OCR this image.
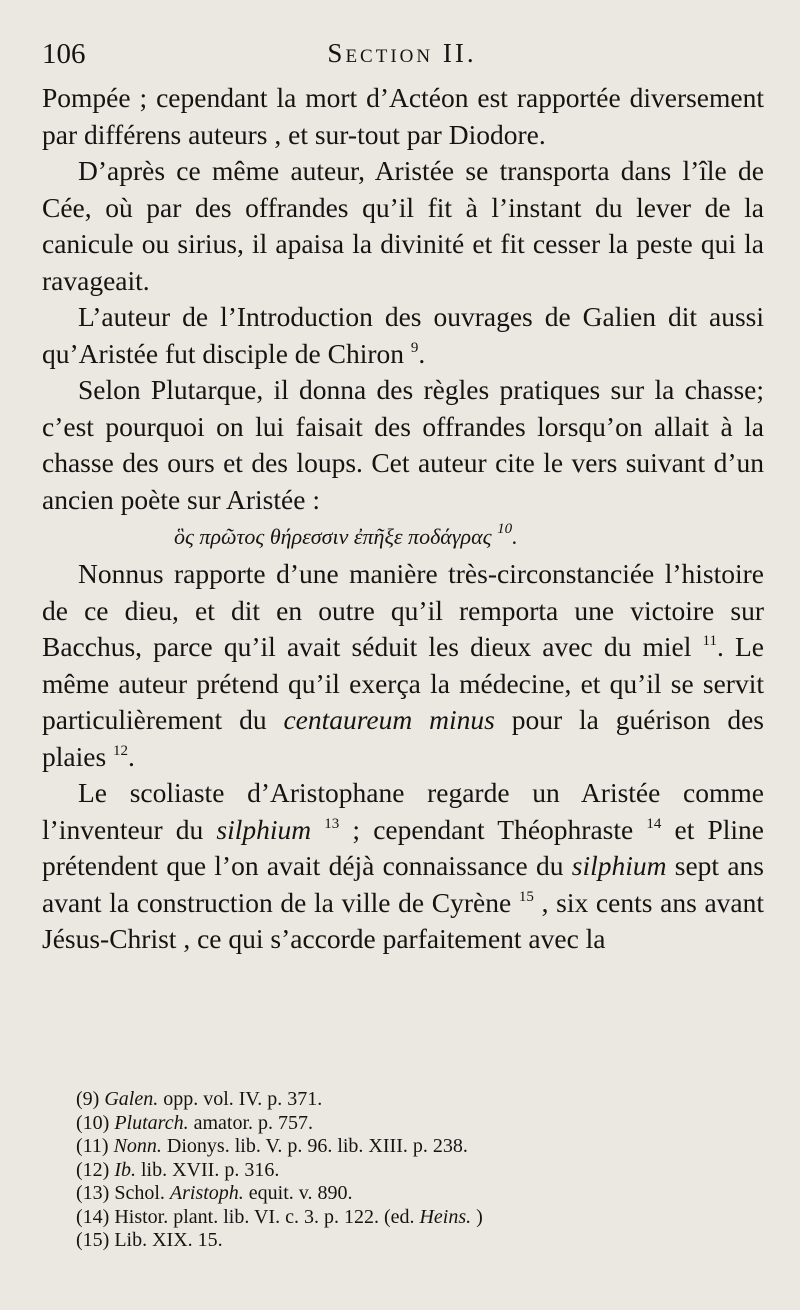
106	Section II.

Pompée ; cependant la mort d’Actéon est rapportée diversement par différens auteurs , et sur-tout par Diodore.

D’après ce même auteur, Aristée se transporta dans l’île de Cée, où par des offrandes qu’il fit à l’instant du lever de la canicule ou sirius, il apaisa la divinité et fit cesser la peste qui la ravageait.

L’auteur de l’Introduction des ouvrages de Galien dit aussi qu’Aristée fut disciple de Chiron $^9$.

Selon Plutarque, il donna des règles pratiques sur la chasse; c’est pourquoi on lui faisait des offrandes lorsqu’on allait à la chasse des ours et des loups. Cet auteur cite le vers suivant d’un ancien poète sur Aristée :

ὃς πρῶτος θήρεσσιν ἐπῆξε ποδάγρας $^{10}$.

Nonnus rapporte d’une manière très-circonstanciée l’histoire de ce dieu, et dit en outre qu’il remporta une victoire sur Bacchus, parce qu’il avait séduit les dieux avec du miel $^{11}$. Le même auteur prétend qu’il exerça la médecine, et qu’il se servit particulièrement du centaureum minus pour la guérison des plaies $^{12}$.

Le scoliaste d’Aristophane regarde un Aristée comme l’inventeur du silphium $^{13}$ ; cependant Théophraste $^{14}$ et Pline prétendent que l’on avait déjà connaissance du silphium sept ans avant la construction de la ville de Cyrène $^{15}$ , six cents ans avant Jésus-Christ , ce qui s’accorde parfaitement avec la

(9) Galen. opp. vol. IV. p. 371.
(10) Plutarch. amator. p. 757.
(11) Nonn. Dionys. lib. V. p. 96. lib. XIII. p. 238.
(12) Ib. lib. XVII. p. 316.
(13) Schol. Aristoph. equit. v. 890.
(14) Histor. plant. lib. VI. c. 3. p. 122. (ed. Heins. )
(15) Lib. XIX. 15.
